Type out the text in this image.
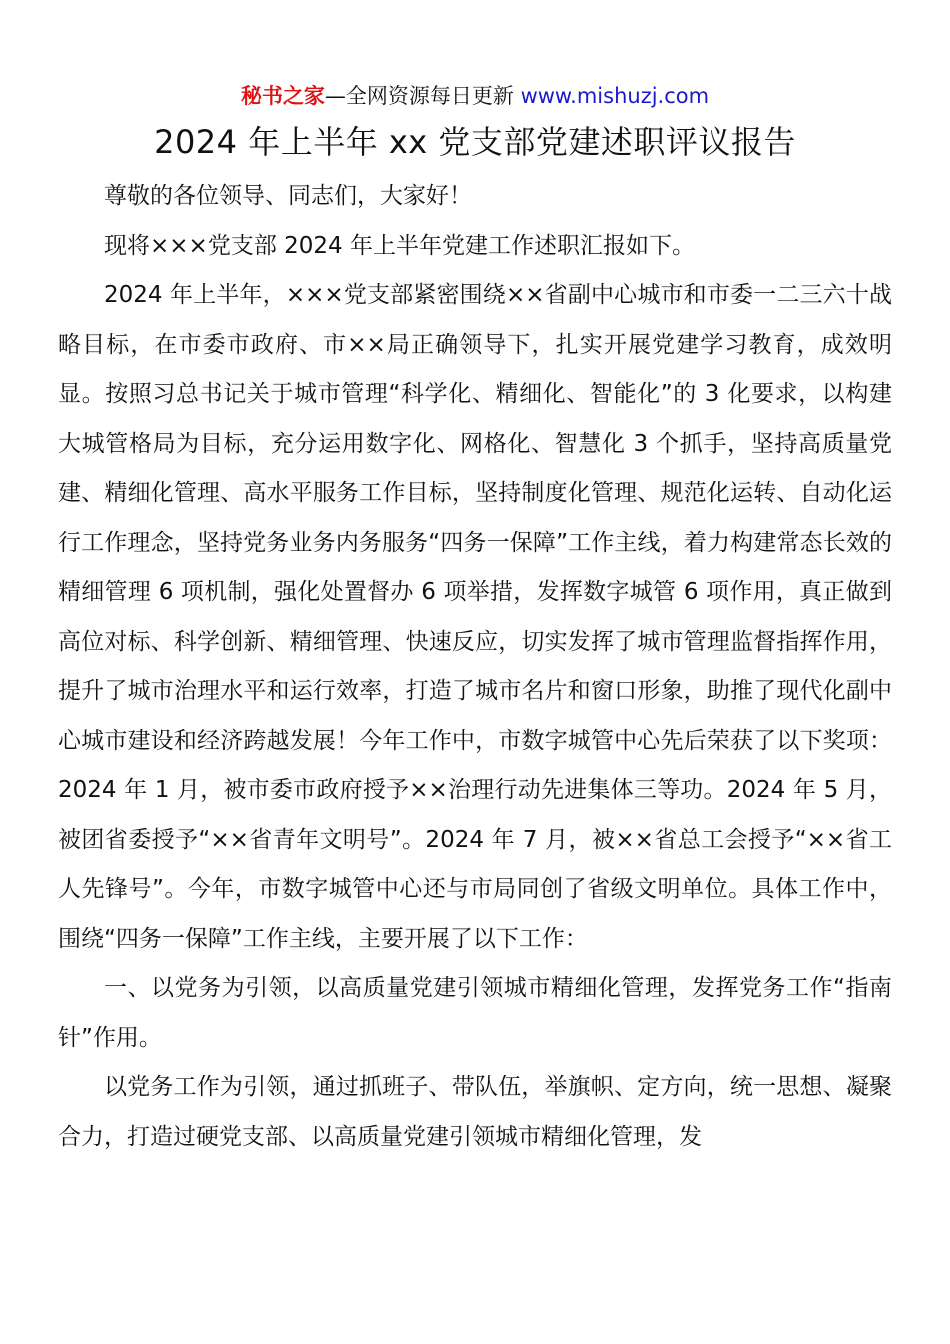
秘书之家—全网资源每日更新 www.mishuzj.com
2024 年上半年 xx 党支部党建述职评议报告

尊敬的各位领导、同志们，大家好！

现将×××党支部 2024 年上半年党建工作述职汇报如下。

2024 年上半年，×××党支部紧密围绕××省副中心城市和市委一二三六十战略目标，在市委市政府、市××局正确领导下，扎实开展党建学习教育，成效明显。按照习总书记关于城市管理“科学化、精细化、智能化”的 3 化要求，以构建大城管格局为目标，充分运用数字化、网格化、智慧化 3 个抓手，坚持高质量党建、精细化管理、高水平服务工作目标，坚持制度化管理、规范化运转、自动化运行工作理念，坚持党务业务内务服务“四务一保障”工作主线，着力构建常态长效的精细管理 6 项机制，强化处置督办 6 项举措，发挥数字城管 6 项作用，真正做到高位对标、科学创新、精细管理、快速反应，切实发挥了城市管理监督指挥作用，提升了城市治理水平和运行效率，打造了城市名片和窗口形象，助推了现代化副中心城市建设和经济跨越发展！今年工作中，市数字城管中心先后荣获了以下奖项：2024 年 1 月，被市委市政府授予××治理行动先进集体三等功。2024 年 5 月，被团省委授予“××省青年文明号”。2024 年 7 月，被××省总工会授予“××省工人先锋号”。今年，市数字城管中心还与市局同创了省级文明单位。具体工作中，围绕“四务一保障”工作主线，主要开展了以下工作：

一、以党务为引领，以高质量党建引领城市精细化管理，发挥党务工作“指南针”作用。

以党务工作为引领，通过抓班子、带队伍，举旗帜、定方向，统一思想、凝聚合力，打造过硬党支部、以高质量党建引领城市精细化管理，发
